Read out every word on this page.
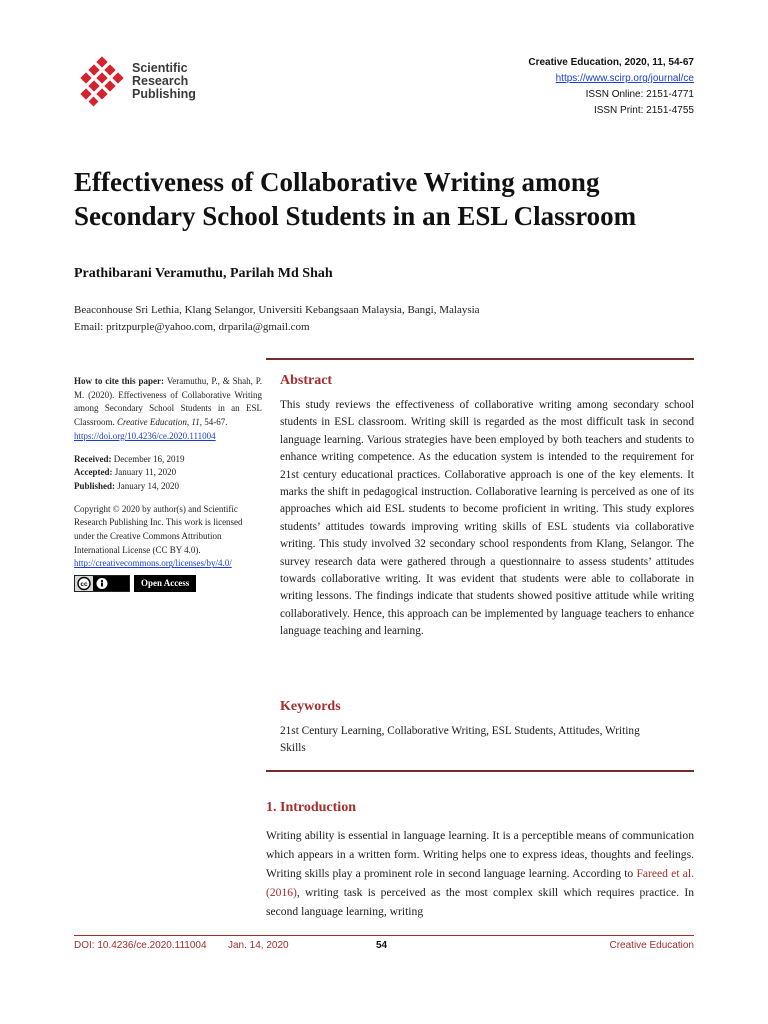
Scientific
Research
Publishing
Creative Education, 2020, 11, 54-67
https://www.scirp.org/journal/ce
ISSN Online: 2151-4771
ISSN Print: 2151-4755
Effectiveness of Collaborative Writing among
Secondary School Students in an ESL Classroom
Prathibarani Veramuthu, Parilah Md Shah
Beaconhouse Sri Lethia, Klang Selangor, Universiti Kebangsaan Malaysia, Bangi, Malaysia
Email: pritzpurple@yahoo.com, drparila@gmail.com

How to cite this paper: Veramuthu, P., & Shah, P. M. (2020). Effectiveness of Collaborative Writing among Secondary School Students in an ESL Classroom. Creative Education, 11, 54-67.

https://doi.org/10.4236/ce.2020.111004

Received: December 16, 2019

Accepted: January 11, 2020

Published: January 14, 2020

Copyright © 2020 by author(s) and Scientific Research Publishing Inc. This work is licensed under the Creative Commons Attribution International License (CC BY 4.0).

http://creativecommons.org/licenses/by/4.0/

cc	Open Access
Abstract

This study reviews the effectiveness of collaborative writing among secondary school students in ESL classroom. Writing skill is regarded as the most difficult task in second language learning. Various strategies have been employed by both teachers and students to enhance writing competence. As the education system is intended to the requirement for 21st century educational practices. Collaborative approach is one of the key elements. It marks the shift in pedagogical instruction. Collaborative learning is perceived as one of its approaches which aid ESL students to become proficient in writing. This study explores students’ attitudes towards improving writing skills of ESL students via collaborative writing. This study involved 32 secondary school respondents from Klang, Selangor. The survey research data were gathered through a questionnaire to assess students’ attitudes towards collaborative writing. It was evident that students were able to collaborate in writing lessons. The findings indicate that students showed positive attitude while writing collaboratively. Hence, this approach can be implemented by language teachers to enhance language teaching and learning.

Keywords
21st Century Learning, Collaborative Writing, ESL Students, Attitudes, Writing Skills
1. Introduction
Writing ability is essential in language learning. It is a perceptible means of communication which appears in a written form. Writing helps one to express ideas, thoughts and feelings. Writing skills play a prominent role in second language learning. According to Fareed et al. (2016), writing task is perceived as the most complex skill which requires practice. In second language learning, writing
DOI: 10.4236/ce.2020.111004 Jan. 14, 2020	54	Creative Education
